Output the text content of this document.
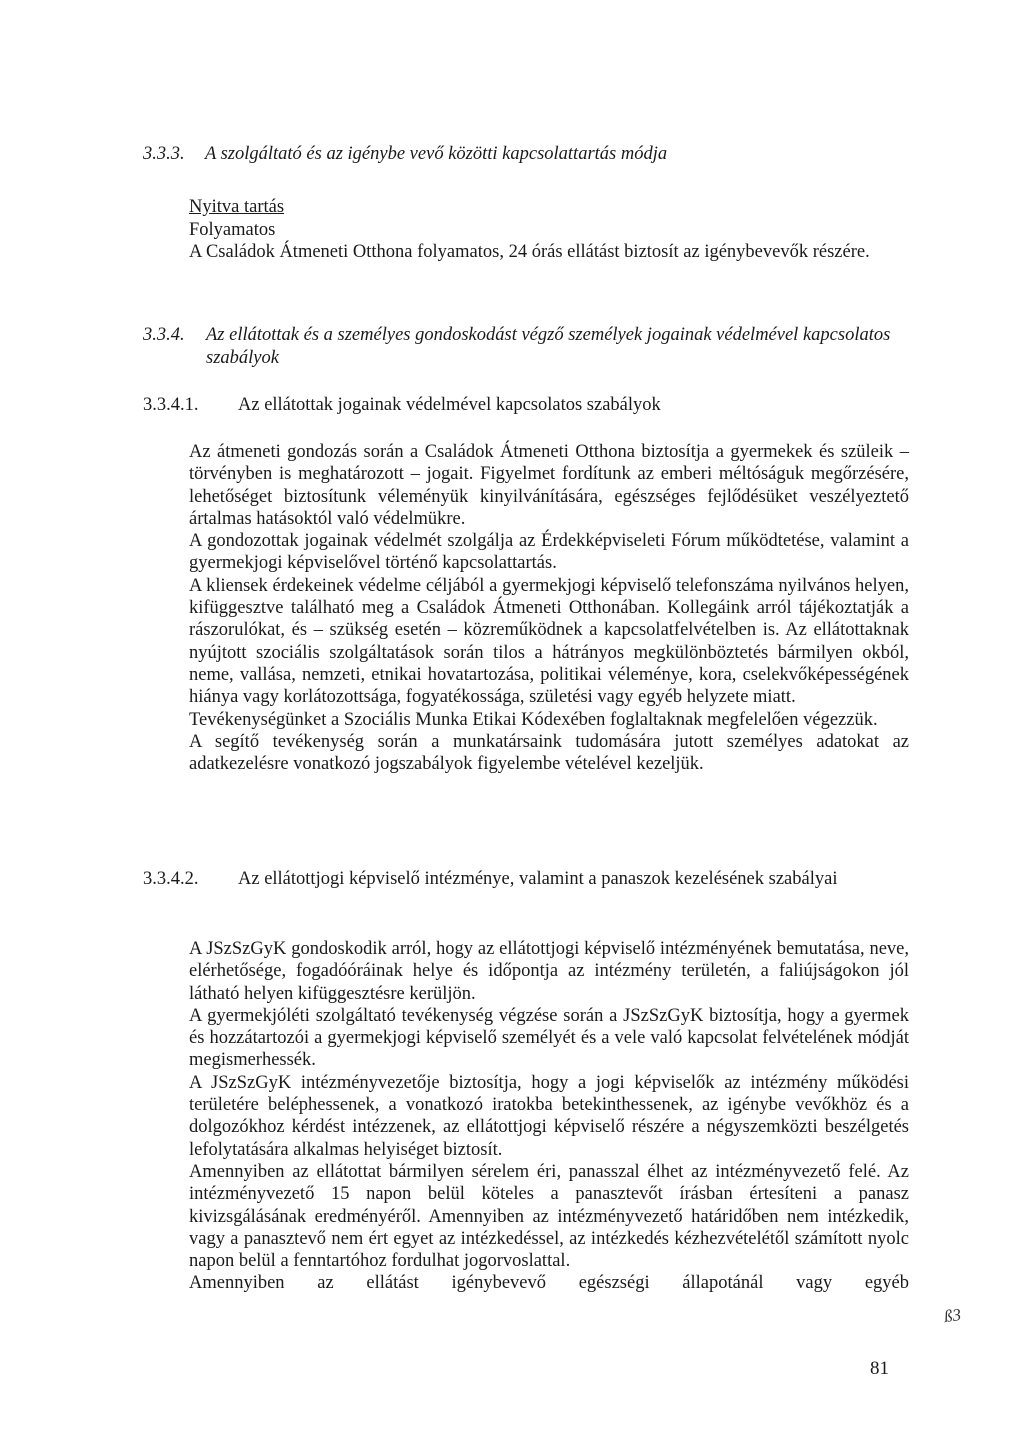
3.3.3. A szolgáltató és az igénybe vevő közötti kapcsolattartás módja
Nyitva tartás
Folyamatos
A Családok Átmeneti Otthona folyamatos, 24 órás ellátást biztosít az igénybevevők részére.
3.3.4. Az ellátottak és a személyes gondoskodást végző személyek jogainak védelmével kapcsolatos szabályok
3.3.4.1. Az ellátottak jogainak védelmével kapcsolatos szabályok

Az átmeneti gondozás során a Családok Átmeneti Otthona biztosítja a gyermekek és szüleik – törvényben is meghatározott – jogait. Figyelmet fordítunk az emberi méltóságuk megőrzésére, lehetőséget biztosítunk véleményük kinyilvánítására, egészséges fejlődésüket veszélyeztető ártalmas hatásoktól való védelmükre.

A gondozottak jogainak védelmét szolgálja az Érdekképviseleti Fórum működtetése, valamint a gyermekjogi képviselővel történő kapcsolattartás.

A kliensek érdekeinek védelme céljából a gyermekjogi képviselő telefonszáma nyilvános helyen, kifüggesztve található meg a Családok Átmeneti Otthonában. Kollegáink arról tájékoztatják a rászorulókat, és – szükség esetén – közreműködnek a kapcsolatfelvételben is. Az ellátottaknak nyújtott szociális szolgáltatások során tilos a hátrányos megkülönböztetés bármilyen okból, neme, vallása, nemzeti, etnikai hovatartozása, politikai véleménye, kora, cselekvőképességének hiánya vagy korlátozottsága, fogyatékossága, születési vagy egyéb helyzete miatt.

Tevékenységünket a Szociális Munka Etikai Kódexében foglaltaknak megfelelően végezzük.

A segítő tevékenység során a munkatársaink tudomására jutott személyes adatokat az adatkezelésre vonatkozó jogszabályok figyelembe vételével kezeljük.

3.3.4.2. Az ellátottjogi képviselő intézménye, valamint a panaszok kezelésének szabályai

A JSzSzGyK gondoskodik arról, hogy az ellátottjogi képviselő intézményének bemutatása, neve, elérhetősége, fogadóóráinak helye és időpontja az intézmény területén, a faliújságokon jól látható helyen kifüggesztésre kerüljön.

A gyermekjóléti szolgáltató tevékenység végzése során a JSzSzGyK biztosítja, hogy a gyermek és hozzátartozói a gyermekjogi képviselő személyét és a vele való kapcsolat felvételének módját megismerhessék.

A JSzSzGyK intézményvezetője biztosítja, hogy a jogi képviselők az intézmény működési területére beléphessenek, a vonatkozó iratokba betekinthessenek, az igénybe vevőkhöz és a dolgozókhoz kérdést intézzenek, az ellátottjogi képviselő részére a négyszemközti beszélgetés lefolytatására alkalmas helyiséget biztosít.

Amennyiben az ellátottat bármilyen sérelem éri, panasszal élhet az intézményvezető felé. Az intézményvezető 15 napon belül köteles a panasztevőt írásban értesíteni a panasz kivizsgálásának eredményéről. Amennyiben az intézményvezető határidőben nem intézkedik, vagy a panasztevő nem ért egyet az intézkedéssel, az intézkedés kézhezvételétől számított nyolc napon belül a fenntartóhoz fordulhat jogorvoslattal.

Amennyiben az ellátást igénybevevő egészségi állapotánál vagy egyéb

ß3
81
